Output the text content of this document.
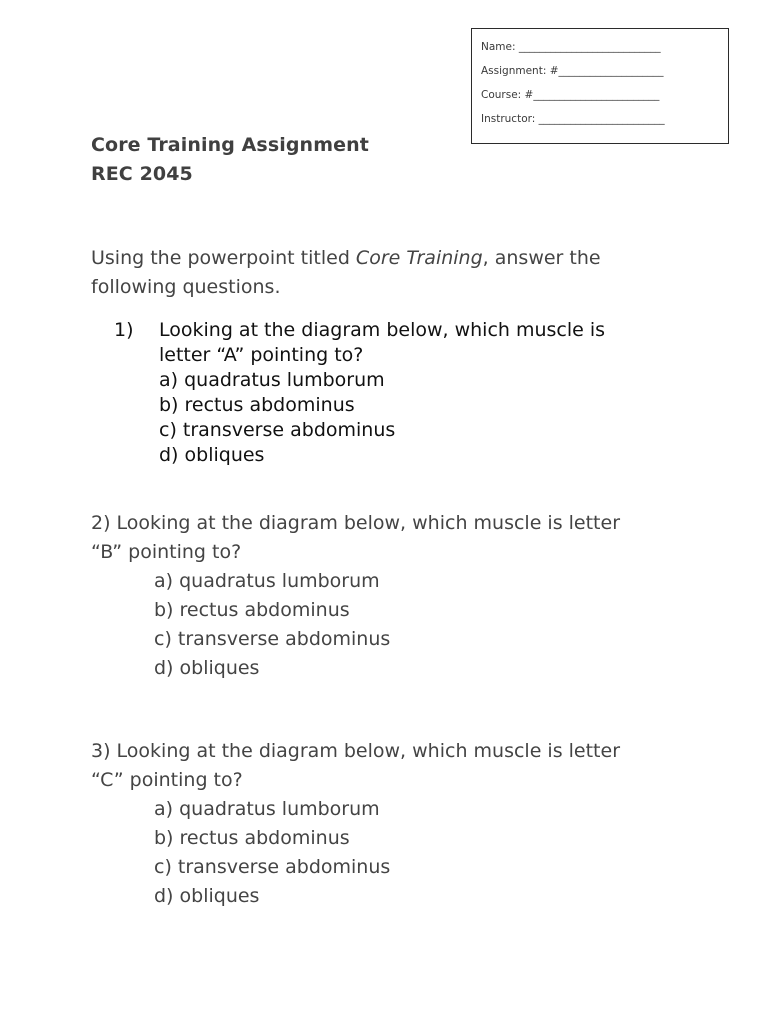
Name: ___________________________
Assignment: #____________________
Course: #________________________
Instructor: ________________________
Core Training Assignment
REC 2045
Using the powerpoint titled Core Training, answer the
following questions.
1) Looking at the diagram below, which muscle is
letter “A” pointing to?
a) quadratus lumborum
b) rectus abdominus
c) transverse abdominus
d) obliques
2) Looking at the diagram below, which muscle is letter
“B” pointing to?
a) quadratus lumborum
b) rectus abdominus
c) transverse abdominus
d) obliques
3) Looking at the diagram below, which muscle is letter
“C” pointing to?
a) quadratus lumborum
b) rectus abdominus
c) transverse abdominus
d) obliques
